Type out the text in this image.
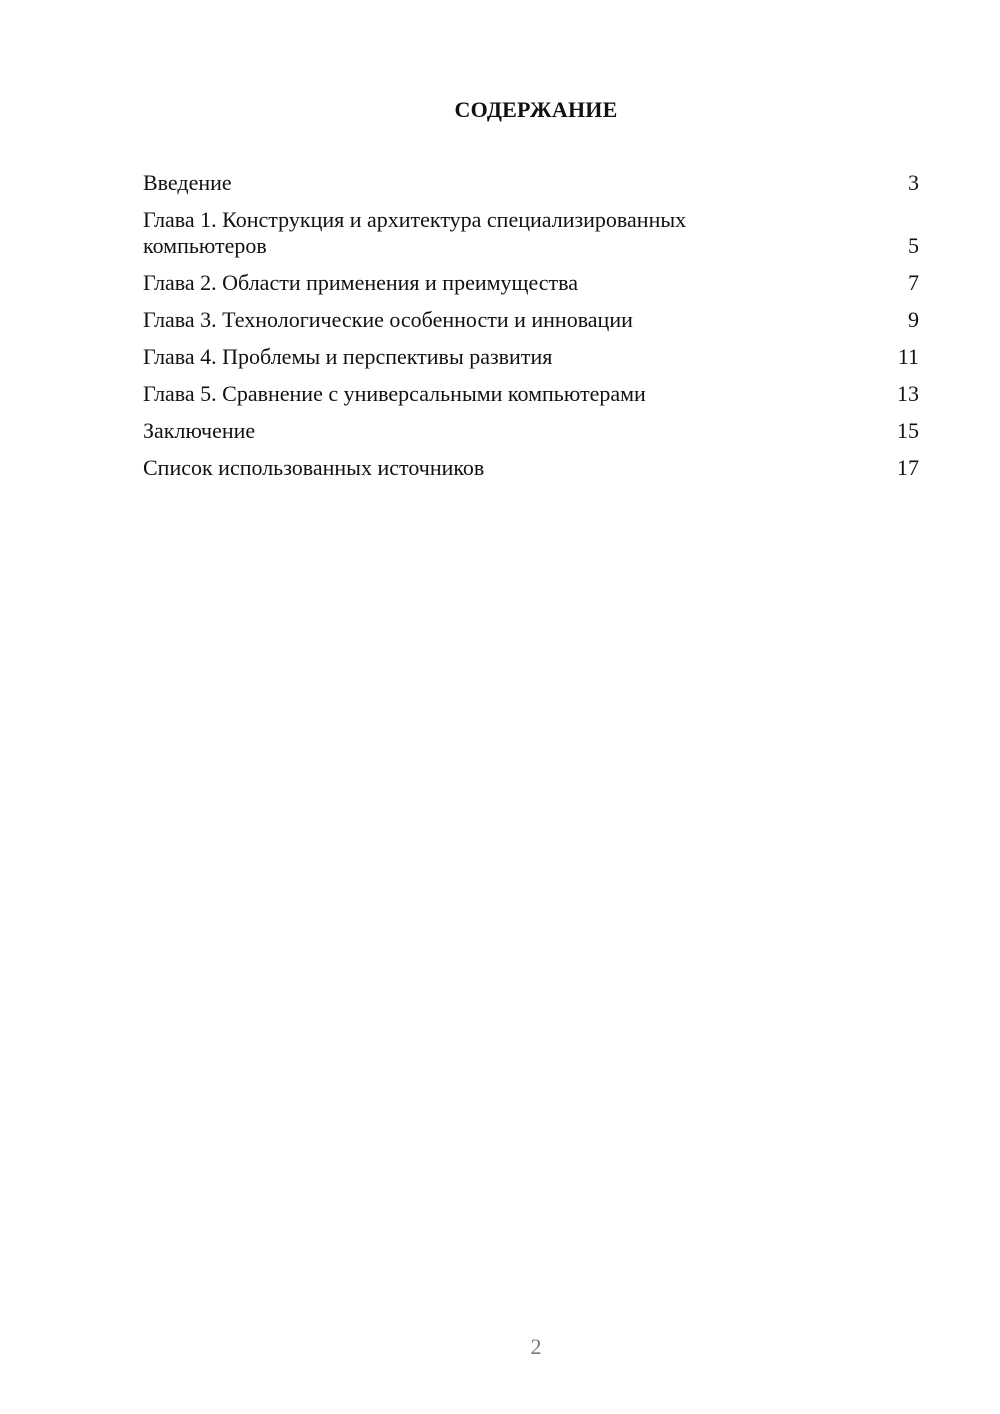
СОДЕРЖАНИЕ
Введение	3
Глава 1. Конструкция и архитектура специализированных компьютеров	5
Глава 2. Области применения и преимущества	7
Глава 3. Технологические особенности и инновации	9
Глава 4. Проблемы и перспективы развития	11
Глава 5. Сравнение с универсальными компьютерами	13
Заключение	15
Список использованных источников	17
2
